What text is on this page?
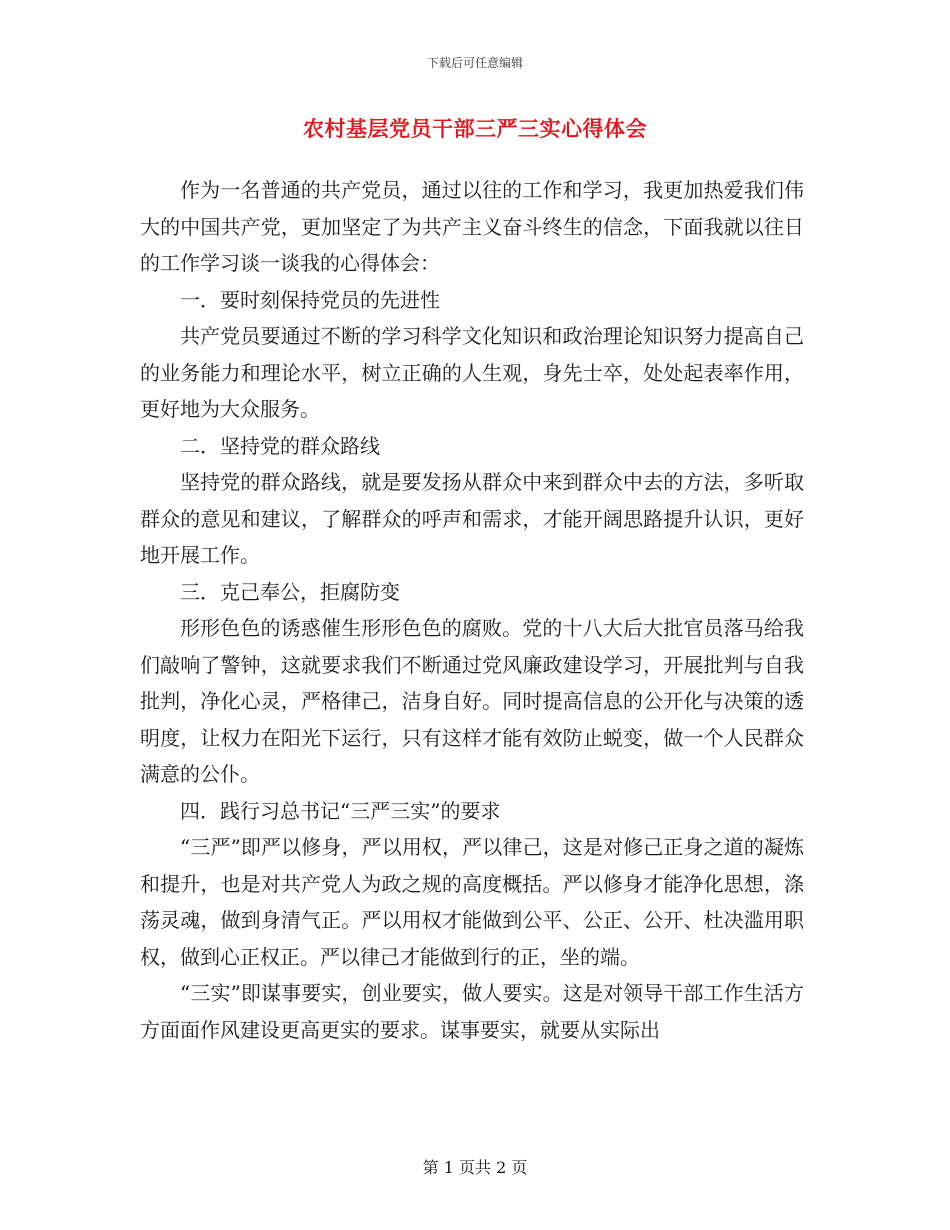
下载后可任意编辑
农村基层党员干部三严三实心得体会

作为一名普通的共产党员，通过以往的工作和学习，我更加热爱我们伟大的中国共产党，更加坚定了为共产主义奋斗终生的信念，下面我就以往日的工作学习谈一谈我的心得体会：

一．要时刻保持党员的先进性

共产党员要通过不断的学习科学文化知识和政治理论知识努力提高自己的业务能力和理论水平，树立正确的人生观，身先士卒，处处起表率作用，更好地为大众服务。

二．坚持党的群众路线

坚持党的群众路线，就是要发扬从群众中来到群众中去的方法，多听取群众的意见和建议，了解群众的呼声和需求，才能开阔思路提升认识，更好地开展工作。

三．克己奉公，拒腐防变

形形色色的诱惑催生形形色色的腐败。党的十八大后大批官员落马给我们敲响了警钟，这就要求我们不断通过党风廉政建设学习，开展批判与自我批判，净化心灵，严格律己，洁身自好。同时提高信息的公开化与决策的透明度，让权力在阳光下运行，只有这样才能有效防止蜕变，做一个人民群众满意的公仆。

四．践行习总书记“三严三实”的要求

“三严”即严以修身，严以用权，严以律己，这是对修己正身之道的凝炼和提升，也是对共产党人为政之规的高度概括。严以修身才能净化思想，涤荡灵魂，做到身清气正。严以用权才能做到公平、公正、公开、杜决滥用职权，做到心正权正。严以律己才能做到行的正，坐的端。

“三实”即谋事要实，创业要实，做人要实。这是对领导干部工作生活方方面面作风建设更高更实的要求。谋事要实，就要从实际出

第 1 页共 2 页
